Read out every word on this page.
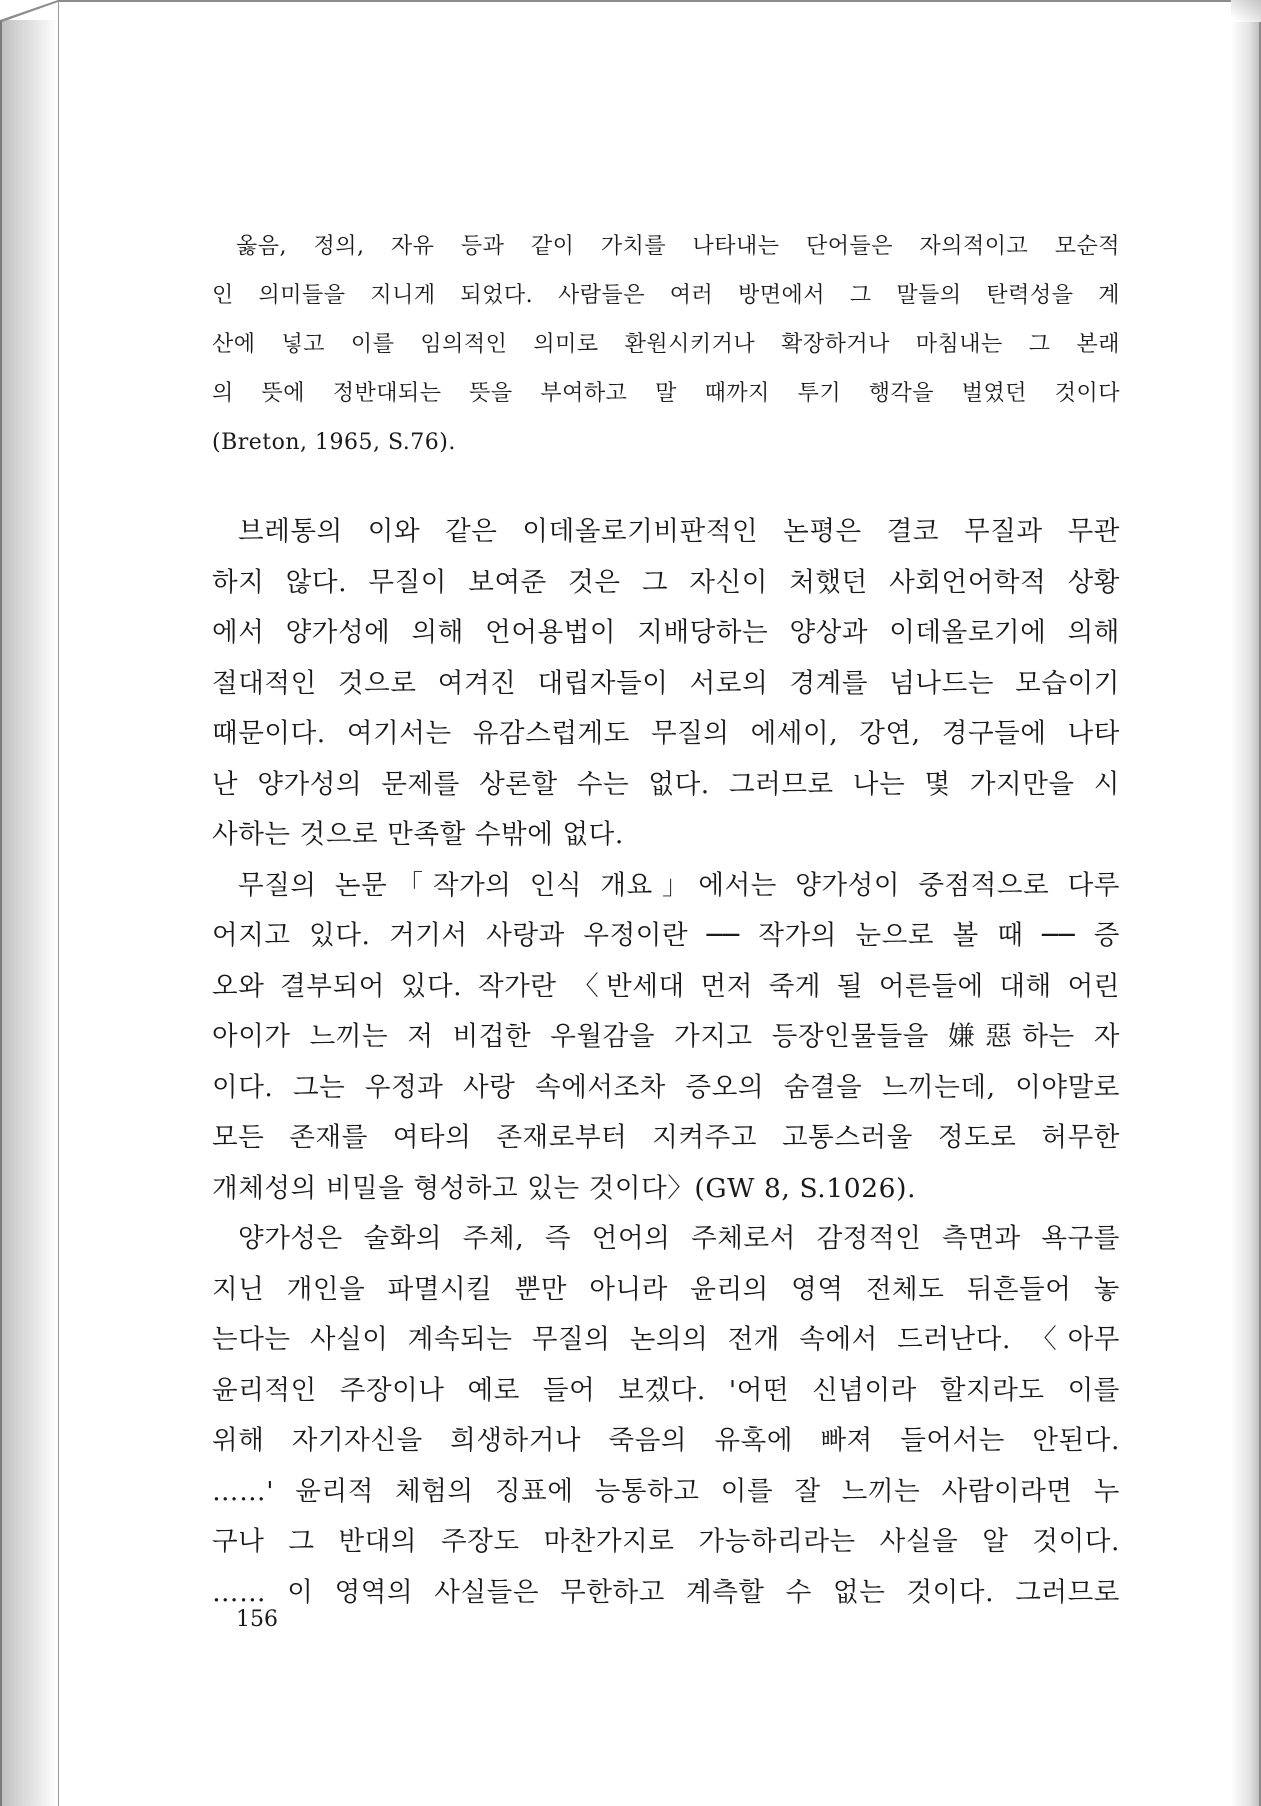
옳음, 정의, 자유 등과 같이 가치를 나타내는 단어들은 자의적이고 모순적
인 의미들을 지니게 되었다. 사람들은 여러 방면에서 그 말들의 탄력성을 계
산에 넣고 이를 임의적인 의미로 환원시키거나 확장하거나 마침내는 그 본래
의 뜻에 정반대되는 뜻을 부여하고 말 때까지 투기 행각을 벌였던 것이다
(Breton, 1965, S.76).
브레통의 이와 같은 이데올로기비판적인 논평은 결코 무질과 무관
하지 않다. 무질이 보여준 것은 그 자신이 처했던 사회언어학적 상황
에서 양가성에 의해 언어용법이 지배당하는 양상과 이데올로기에 의해
절대적인 것으로 여겨진 대립자들이 서로의 경계를 넘나드는 모습이기
때문이다. 여기서는 유감스럽게도 무질의 에세이, 강연, 경구들에 나타
난 양가성의 문제를 상론할 수는 없다. 그러므로 나는 몇 가지만을 시
사하는 것으로 만족할 수밖에 없다.
무질의 논문「작가의 인식 개요」에서는 양가성이 중점적으로 다루
어지고 있다. 거기서 사랑과 우정이란 ── 작가의 눈으로 볼 때 ── 증
오와 결부되어 있다. 작가란 〈반세대 먼저 죽게 될 어른들에 대해 어린
아이가 느끼는 저 비겁한 우월감을 가지고 등장인물들을 嫌惡하는 자
이다. 그는 우정과 사랑 속에서조차 증오의 숨결을 느끼는데, 이야말로
모든 존재를 여타의 존재로부터 지켜주고 고통스러울 정도로 허무한
개체성의 비밀을 형성하고 있는 것이다〉(GW 8, S.1026).
양가성은 술화의 주체, 즉 언어의 주체로서 감정적인 측면과 욕구를
지닌 개인을 파멸시킬 뿐만 아니라 윤리의 영역 전체도 뒤흔들어 놓
는다는 사실이 계속되는 무질의 논의의 전개 속에서 드러난다. 〈아무
윤리적인 주장이나 예로 들어 보겠다. '어떤 신념이라 할지라도 이를
위해 자기자신을 희생하거나 죽음의 유혹에 빠져 들어서는 안된다.
……' 윤리적 체험의 징표에 능통하고 이를 잘 느끼는 사람이라면 누
구나 그 반대의 주장도 마찬가지로 가능하리라는 사실을 알 것이다.
…… 이 영역의 사실들은 무한하고 계측할 수 없는 것이다. 그러므로
156
